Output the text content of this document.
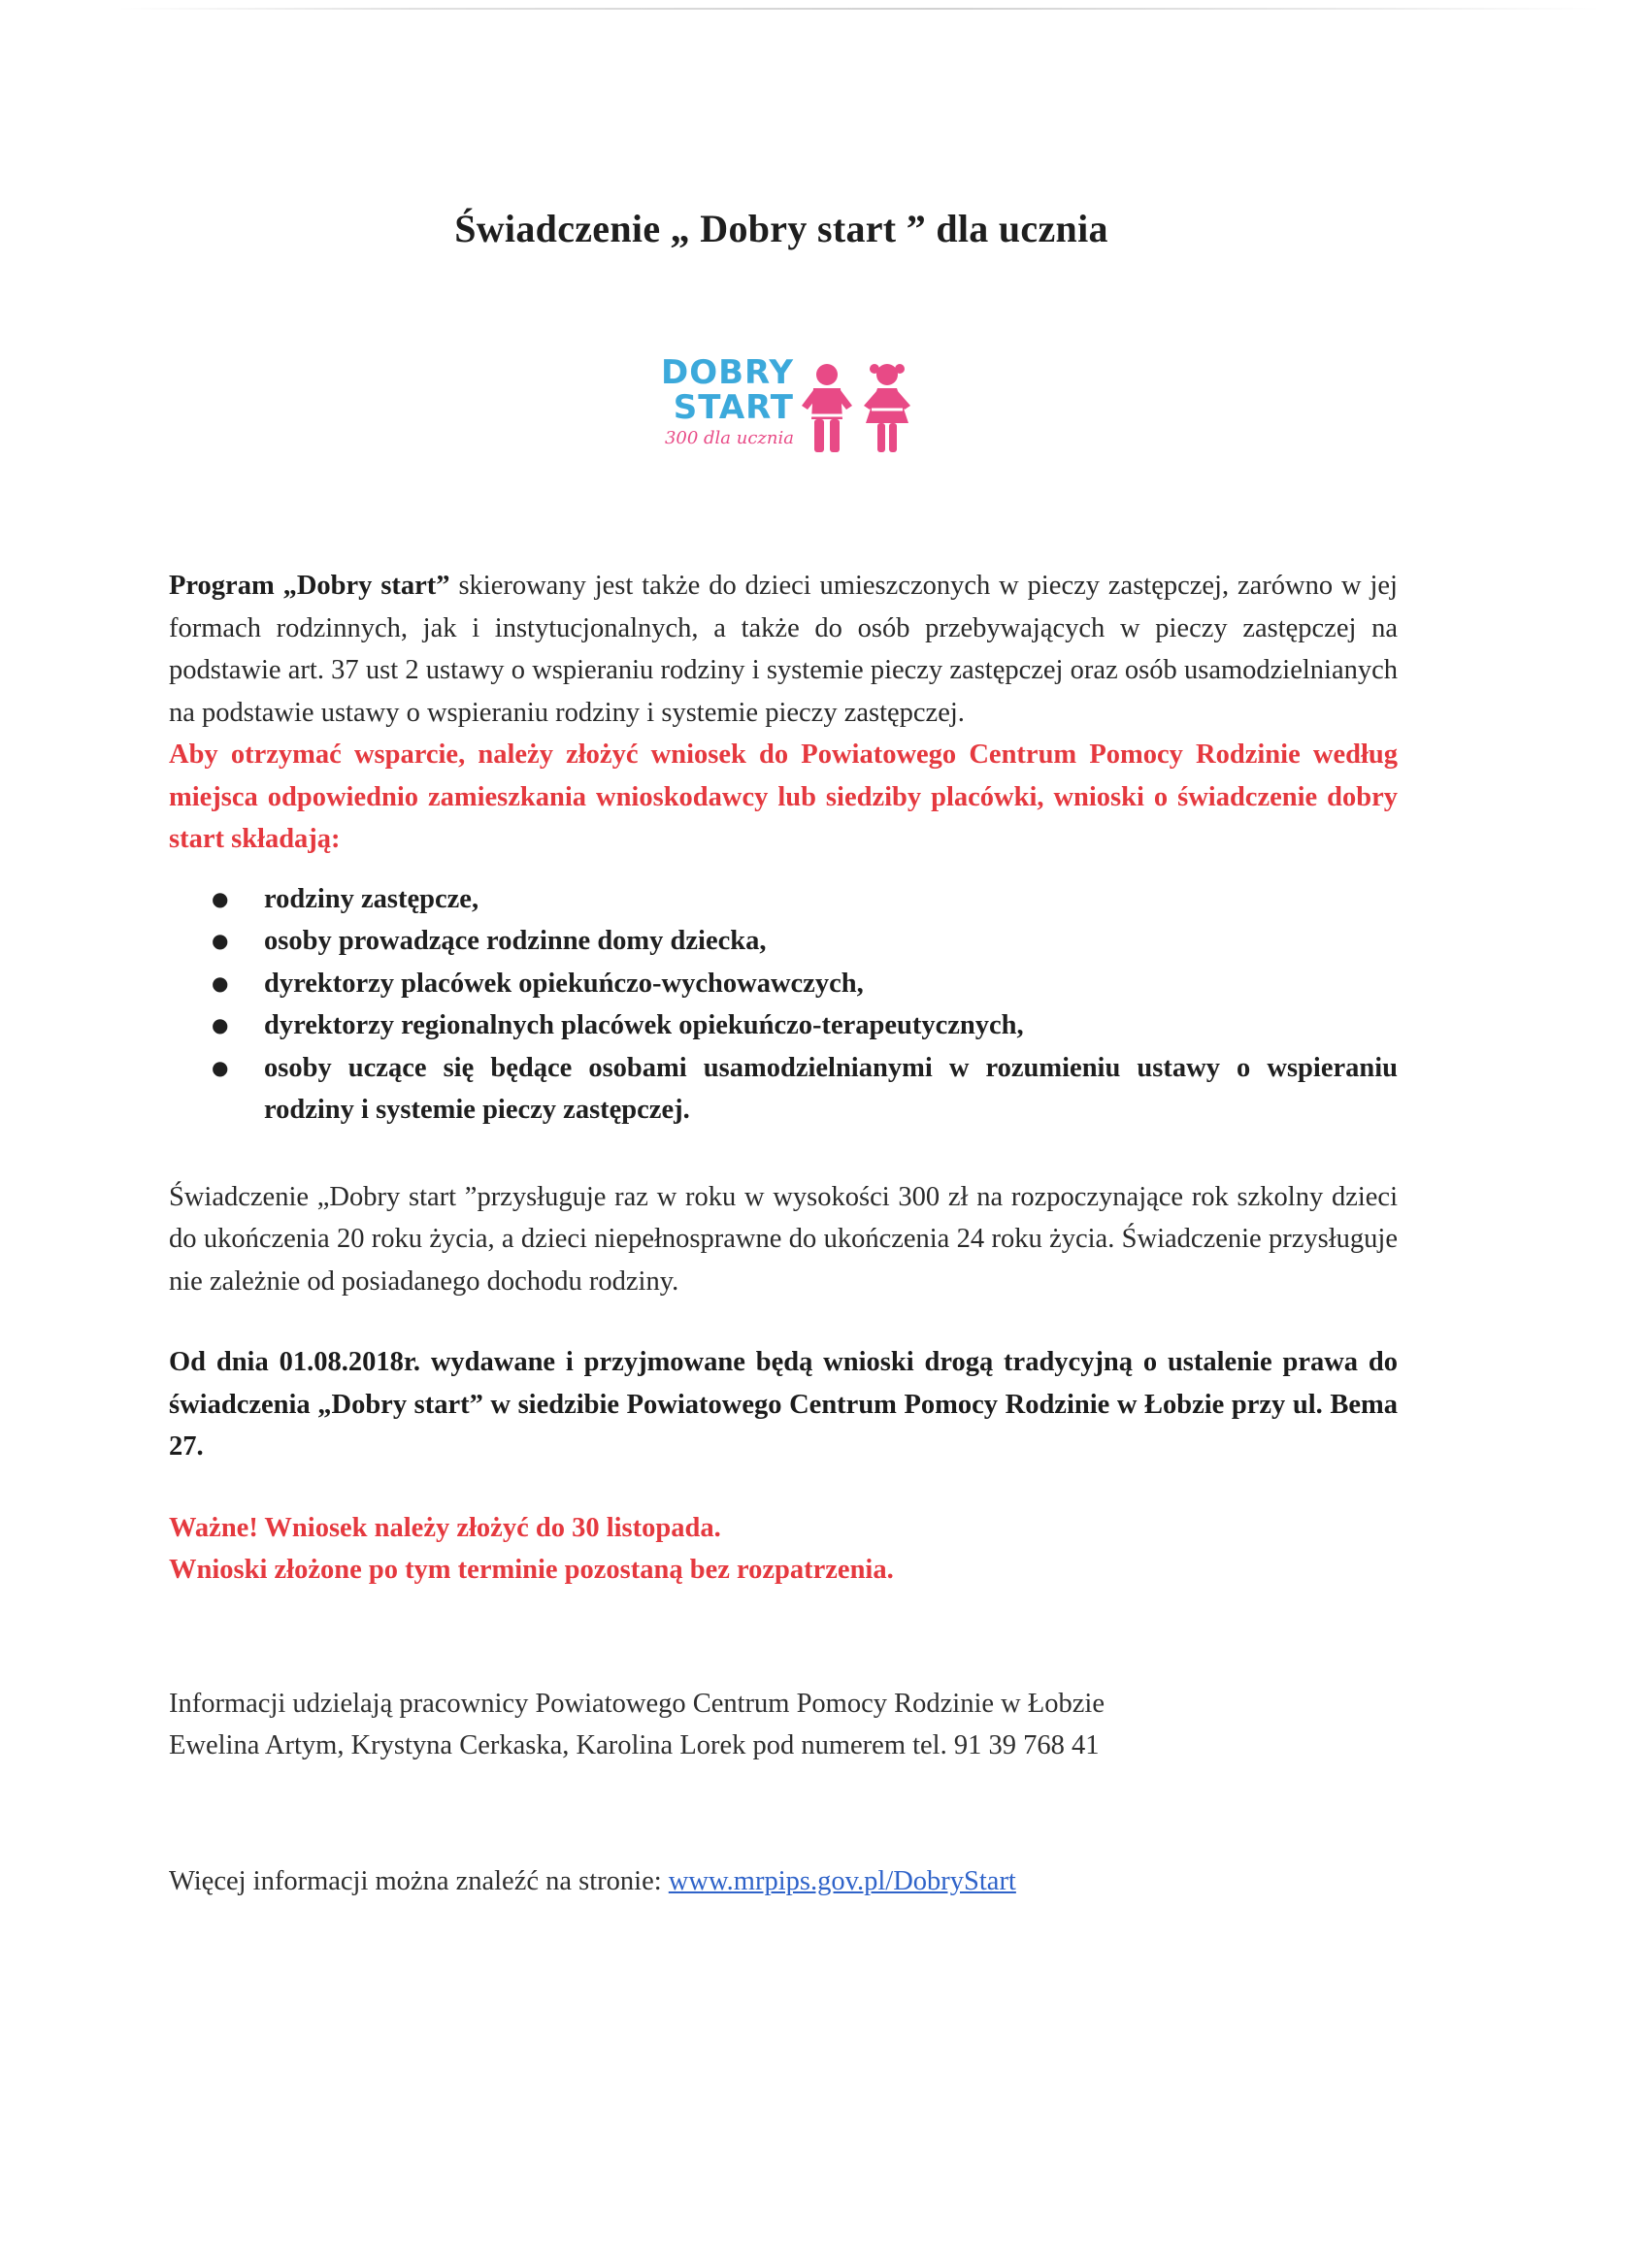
Świadczenie „ Dobry start ” dla ucznia
DOBRY
START
300 dla ucznia

Program „Dobry start” skierowany jest także do dzieci umieszczonych w pieczy zastępczej, zarówno w jej formach rodzinnych, jak i instytucjonalnych, a także do osób przebywających w pieczy zastępczej na podstawie art. 37 ust 2 ustawy o wspieraniu rodziny i systemie pieczy zastępczej oraz osób usamodzielnianych na podstawie ustawy o wspieraniu rodziny i systemie pieczy zastępczej.

Aby otrzymać wsparcie, należy złożyć wniosek do Powiatowego Centrum Pomocy Rodzinie według miejsca odpowiednio zamieszkania wnioskodawcy lub siedziby placówki, wnioski o świadczenie dobry start składają:

● rodziny zastępcze,
● osoby prowadzące rodzinne domy dziecka,
● dyrektorzy placówek opiekuńczo-wychowawczych,
● dyrektorzy regionalnych placówek opiekuńczo-terapeutycznych,
● osoby uczące się będące osobami usamodzielnianymi w rozumieniu ustawy o wspieraniu rodziny i systemie pieczy zastępczej.

Świadczenie „Dobry start ”przysługuje raz w roku w wysokości 300 zł na rozpoczynające rok szkolny dzieci do ukończenia 20 roku życia, a dzieci niepełnosprawne do ukończenia 24 roku życia. Świadczenie przysługuje nie zależnie od posiadanego dochodu rodziny.

Od dnia 01.08.2018r. wydawane i przyjmowane będą wnioski drogą tradycyjną o ustalenie prawa do świadczenia „Dobry start” w siedzibie Powiatowego Centrum Pomocy Rodzinie w Łobzie przy ul. Bema 27.

Ważne! Wniosek należy złożyć do 30 listopada.
Wnioski złożone po tym terminie pozostaną bez rozpatrzenia.

Informacji udzielają pracownicy Powiatowego Centrum Pomocy Rodzinie w Łobzie
Ewelina Artym, Krystyna Cerkaska, Karolina Lorek pod numerem tel. 91 39 768 41

Więcej informacji można znaleźć na stronie: www.mrpips.gov.pl/DobryStart
